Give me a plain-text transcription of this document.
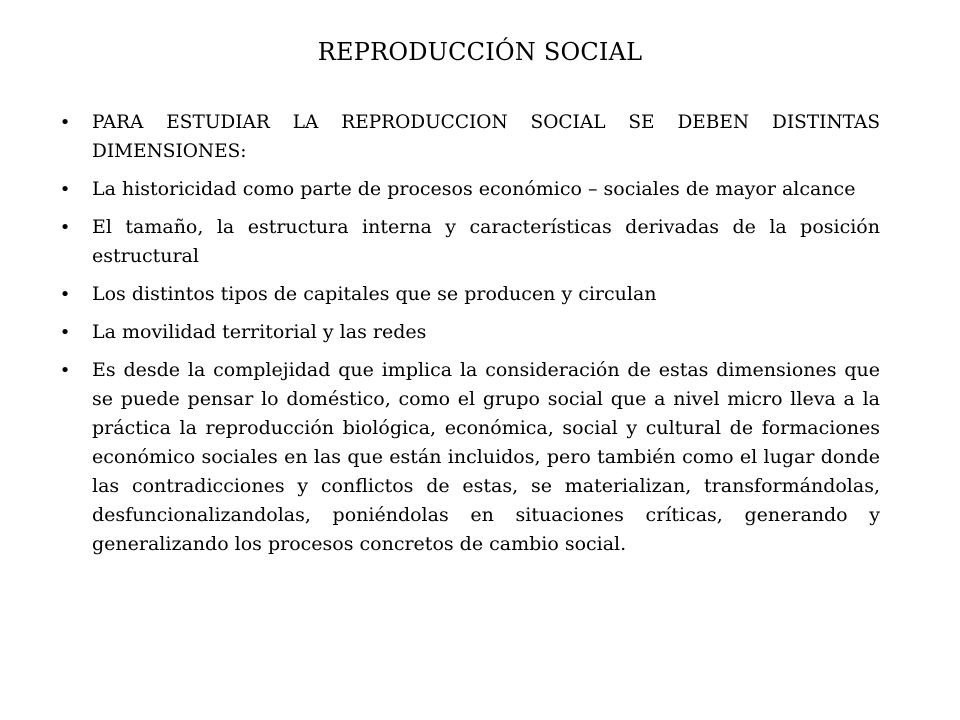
REPRODUCCIÓN SOCIAL
• PARA ESTUDIAR LA REPRODUCCION SOCIAL SE DEBEN DISTINTAS DIMENSIONES:
• La historicidad como parte de procesos económico – sociales de mayor alcance
• El tamaño, la estructura interna y características derivadas de la posición estructural
• Los distintos tipos de capitales que se producen y circulan
• La movilidad territorial y las redes
• Es desde la complejidad que implica la consideración de estas dimensiones que se puede pensar lo doméstico, como el grupo social que a nivel micro lleva a la práctica la reproducción biológica, económica, social y cultural de formaciones económico sociales en las que están incluidos, pero también como el lugar donde las contradicciones y conflictos de estas, se materializan, transformándolas, desfuncionalizandolas, poniéndolas en situaciones críticas, generando y generalizando los procesos concretos de cambio social.
